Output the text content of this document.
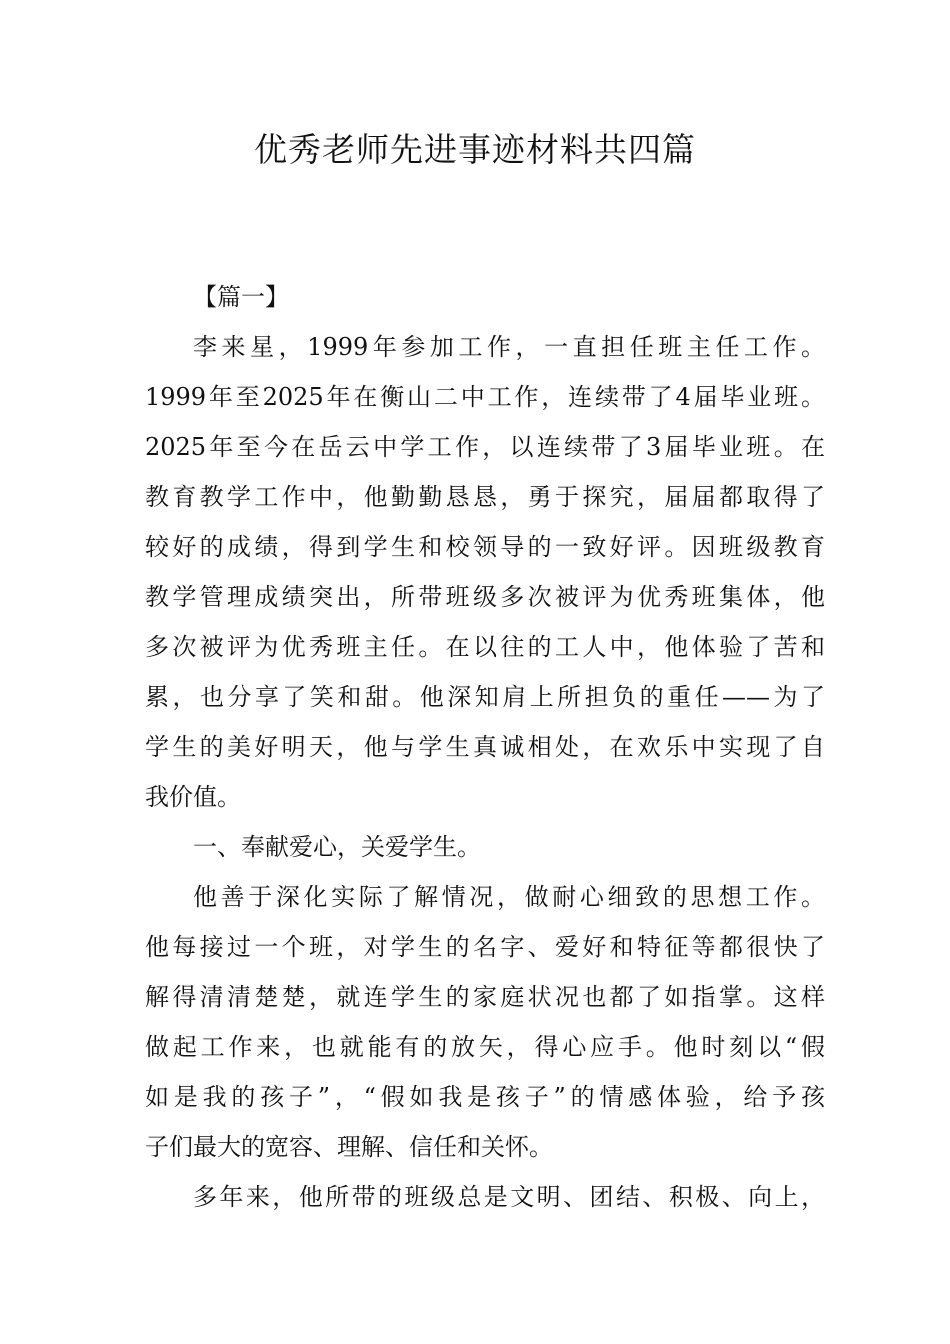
优秀老师先进事迹材料共四篇
【篇一】
李来星，1999年参加工作，一直担任班主任工作。
1999年至2025年在衡山二中工作，连续带了4届毕业班。
2025年至今在岳云中学工作，以连续带了3届毕业班。在
教育教学工作中，他勤勤恳恳，勇于探究，届届都取得了
较好的成绩，得到学生和校领导的一致好评。因班级教育
教学管理成绩突出，所带班级多次被评为优秀班集体，他
多次被评为优秀班主任。在以往的工人中，他体验了苦和
累，也分享了笑和甜。他深知肩上所担负的重任——为了
学生的美好明天，他与学生真诚相处，在欢乐中实现了自
我价值。
一、奉献爱心，关爱学生。
他善于深化实际了解情况，做耐心细致的思想工作。
他每接过一个班，对学生的名字、爱好和特征等都很快了
解得清清楚楚，就连学生的家庭状况也都了如指掌。这样
做起工作来，也就能有的放矢，得心应手。他时刻以“假
如是我的孩子”，“假如我是孩子”的情感体验，给予孩
子们最大的宽容、理解、信任和关怀。
多年来，他所带的班级总是文明、团结、积极、向上，
